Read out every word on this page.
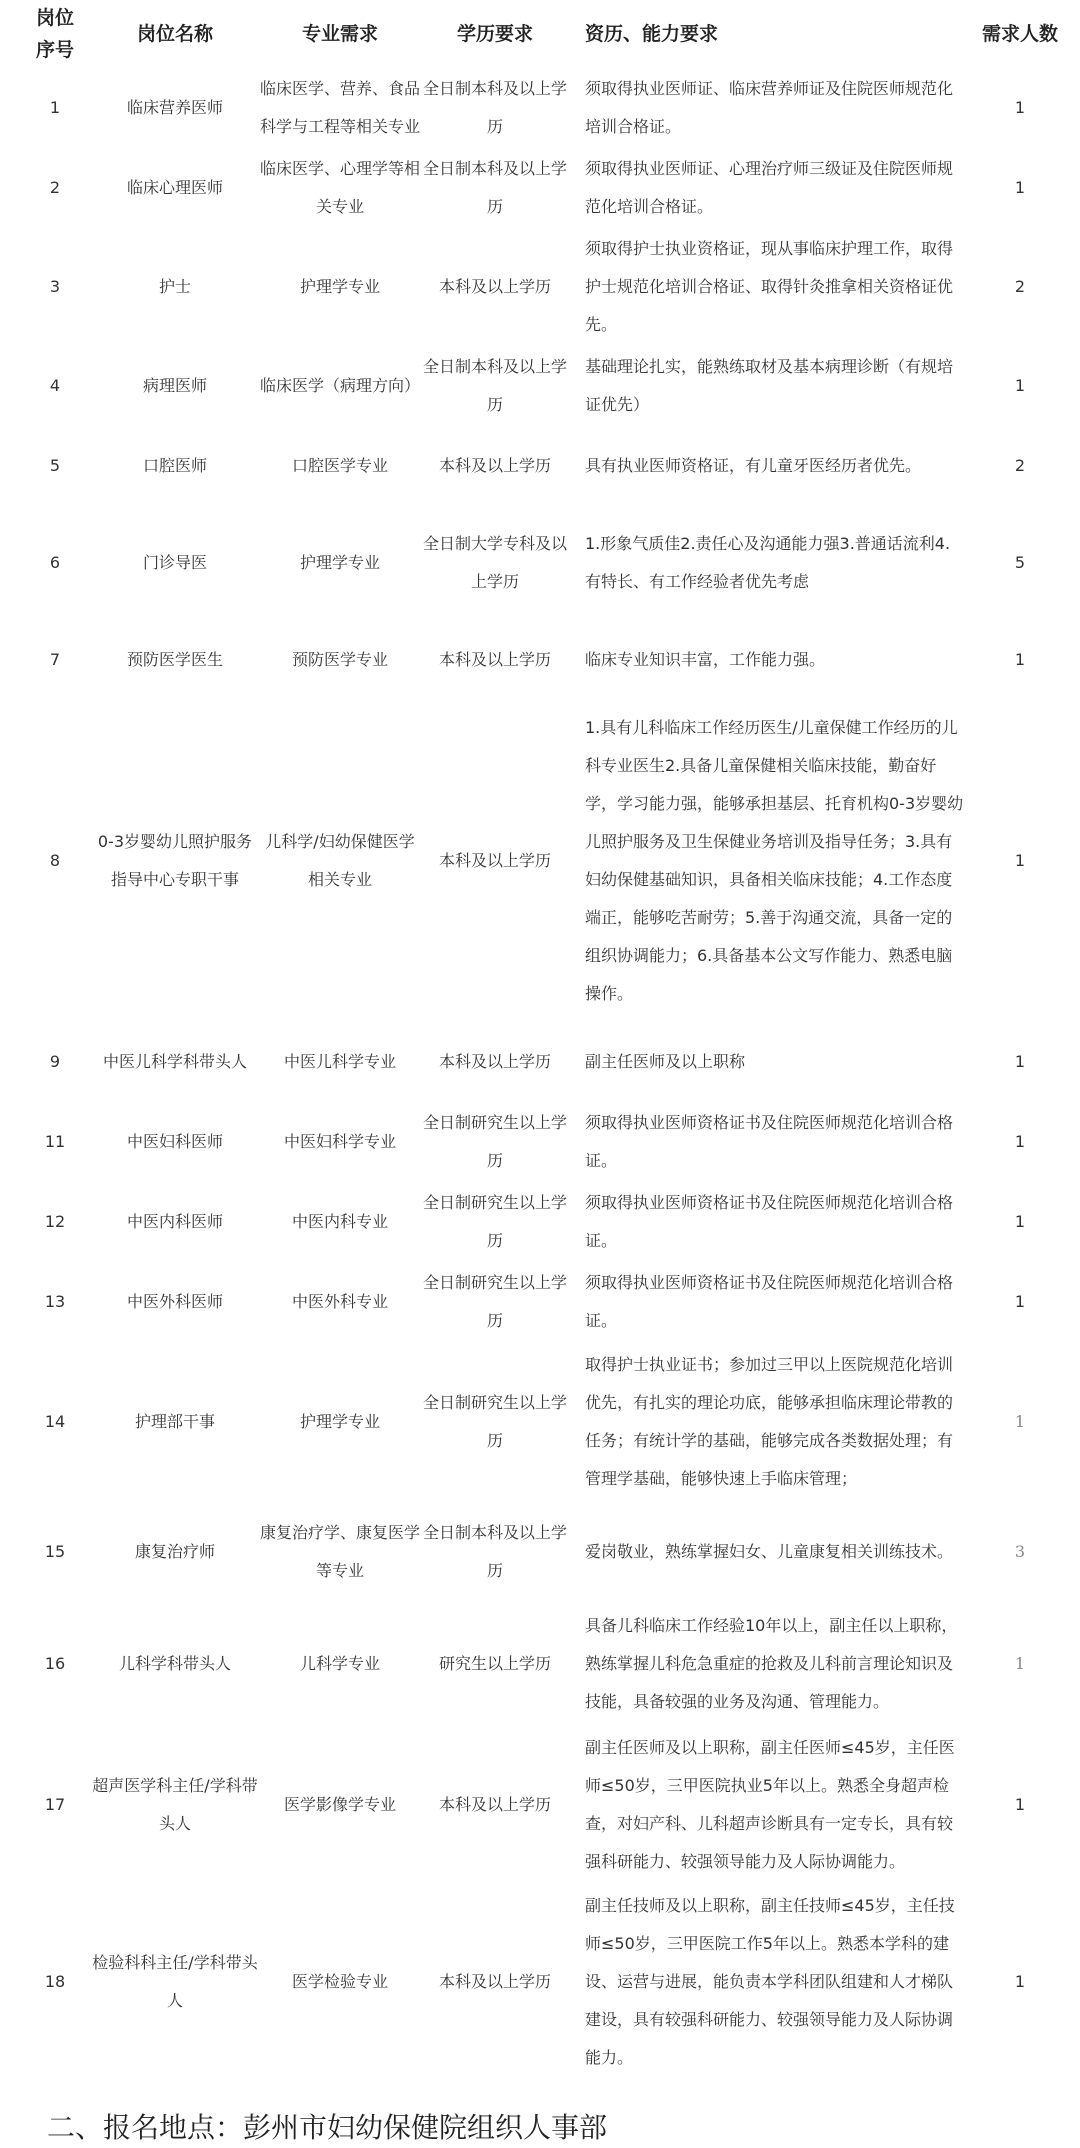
岗位序号	岗位名称	专业需求	学历要求	资历、能力要求	需求人数
1	临床营养医师	临床医学、营养、食品科学与工程等相关专业	全日制本科及以上学历	须取得执业医师证、临床营养师证及住院医师规范化培训合格证。	1
2	临床心理医师	临床医学、心理学等相关专业	全日制本科及以上学历	须取得执业医师证、心理治疗师三级证及住院医师规范化培训合格证。	1
3	护士	护理学专业	本科及以上学历	须取得护士执业资格证，现从事临床护理工作，取得护士规范化培训合格证、取得针灸推拿相关资格证优先。	2
4	病理医师	临床医学（病理方向）	全日制本科及以上学历	基础理论扎实，能熟练取材及基本病理诊断（有规培证优先）	1
5	口腔医师	口腔医学专业	本科及以上学历	具有执业医师资格证，有儿童牙医经历者优先。	2
6	门诊导医	护理学专业	全日制大学专科及以上学历	1.形象气质佳2.责任心及沟通能力强3.普通话流利4.有特长、有工作经验者优先考虑	5
7	预防医学医生	预防医学专业	本科及以上学历	临床专业知识丰富，工作能力强。	1
8	0-3岁婴幼儿照护服务指导中心专职干事	儿科学/妇幼保健医学相关专业	本科及以上学历	1.具有儿科临床工作经历医生/儿童保健工作经历的儿科专业医生2.具备儿童保健相关临床技能，勤奋好学，学习能力强，能够承担基层、托育机构0-3岁婴幼儿照护服务及卫生保健业务培训及指导任务；3.具有妇幼保健基础知识，具备相关临床技能；4.工作态度端正，能够吃苦耐劳；5.善于沟通交流，具备一定的组织协调能力；6.具备基本公文写作能力、熟悉电脑操作。	1
9	中医儿科学科带头人	中医儿科学专业	本科及以上学历	副主任医师及以上职称	1
11	中医妇科医师	中医妇科学专业	全日制研究生以上学历	须取得执业医师资格证书及住院医师规范化培训合格证。	1
12	中医内科医师	中医内科专业	全日制研究生以上学历	须取得执业医师资格证书及住院医师规范化培训合格证。	1
13	中医外科医师	中医外科专业	全日制研究生以上学历	须取得执业医师资格证书及住院医师规范化培训合格证。	1
14	护理部干事	护理学专业	全日制研究生以上学历	取得护士执业证书；参加过三甲以上医院规范化培训优先，有扎实的理论功底，能够承担临床理论带教的任务；有统计学的基础，能够完成各类数据处理；有管理学基础，能够快速上手临床管理；	1
15	康复治疗师	康复治疗学、康复医学等专业	全日制本科及以上学历	爱岗敬业，熟练掌握妇女、儿童康复相关训练技术。	3
16	儿科学科带头人	儿科学专业	研究生以上学历	具备儿科临床工作经验10年以上，副主任以上职称，熟练掌握儿科危急重症的抢救及儿科前言理论知识及技能，具备较强的业务及沟通、管理能力。	1
17	超声医学科主任/学科带头人	医学影像学专业	本科及以上学历	副主任医师及以上职称，副主任医师≤45岁，主任医师≤50岁，三甲医院执业5年以上。熟悉全身超声检查，对妇产科、儿科超声诊断具有一定专长，具有较强科研能力、较强领导能力及人际协调能力。	1
18	检验科科主任/学科带头人	医学检验专业	本科及以上学历	副主任技师及以上职称，副主任技师≤45岁，主任技师≤50岁，三甲医院工作5年以上。熟悉本学科的建设、运营与进展，能负责本学科团队组建和人才梯队建设，具有较强科研能力、较强领导能力及人际协调能力。	1
二、报名地点：彭州市妇幼保健院组织人事部
